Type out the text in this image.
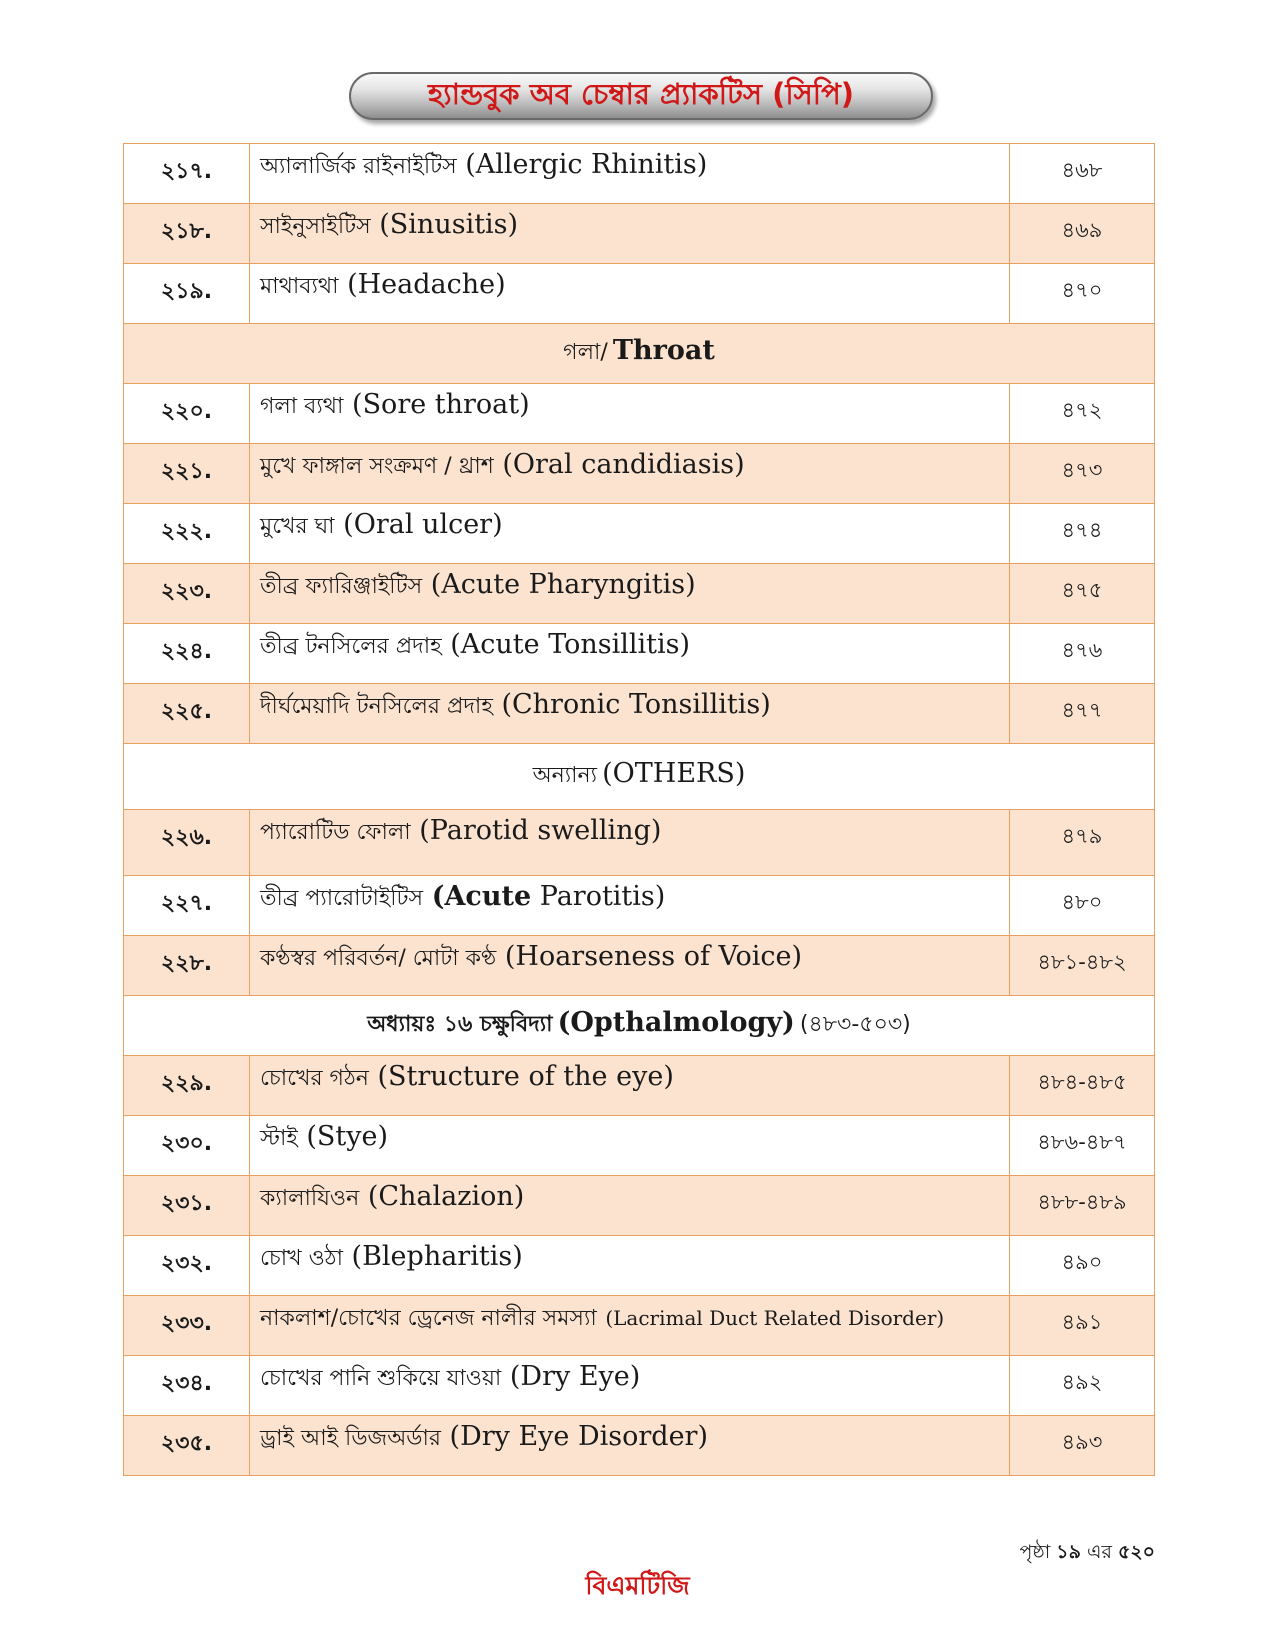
হ্যান্ডবুক অব চেম্বার প্র্যাকটিস (সিপি)
২১৭.	অ্যালার্জিক রাইনাইটিস (Allergic Rhinitis)	৪৬৮
২১৮.	সাইনুসাইটিস (Sinusitis)	৪৬৯
২১৯.	মাথাব্যথা (Headache)	৪৭০
গলা/ Throat		
২২০.	গলা ব্যথা (Sore throat)	৪৭২
২২১.	মুখে ফাঙ্গাল সংক্রমণ / থ্রাশ (Oral candidiasis)	৪৭৩
২২২.	মুখের ঘা (Oral ulcer)	৪৭৪
২২৩.	তীব্র ফ্যারিঞ্জাইটিস (Acute Pharyngitis)	৪৭৫
২২৪.	তীব্র টনসিলের প্রদাহ (Acute Tonsillitis)	৪৭৬
২২৫.	দীর্ঘমেয়াদি টনসিলের প্রদাহ (Chronic Tonsillitis)	৪৭৭
অন্যান্য (OTHERS)		
২২৬.	প্যারোটিড ফোলা (Parotid swelling)	৪৭৯
২২৭.	তীব্র প্যারোটাইটিস (Acute Parotitis)	৪৮০
২২৮.	কণ্ঠস্বর পরিবর্তন/ মোটা কণ্ঠ (Hoarseness of Voice)	৪৮১-৪৮২
অধ্যায়ঃ ১৬ চক্ষুবিদ্যা (Opthalmology) (৪৮৩-৫০৩)		
২২৯.	চোখের গঠন (Structure of the eye)	৪৮৪-৪৮৫
২৩০.	স্টাই (Stye)	৪৮৬-৪৮৭
২৩১.	ক্যালাযিওন (Chalazion)	৪৮৮-৪৮৯
২৩২.	চোখ ওঠা (Blepharitis)	৪৯০
২৩৩.	নাকলাশ/চোখের ড্রেনেজ নালীর সমস্যা (Lacrimal Duct Related Disorder)	৪৯১
২৩৪.	চোখের পানি শুকিয়ে যাওয়া (Dry Eye)	৪৯২
২৩৫.	ড্রাই আই ডিজঅর্ডার (Dry Eye Disorder)	৪৯৩
পৃষ্ঠা ১৯ এর ৫২০
বিএমটিজি
